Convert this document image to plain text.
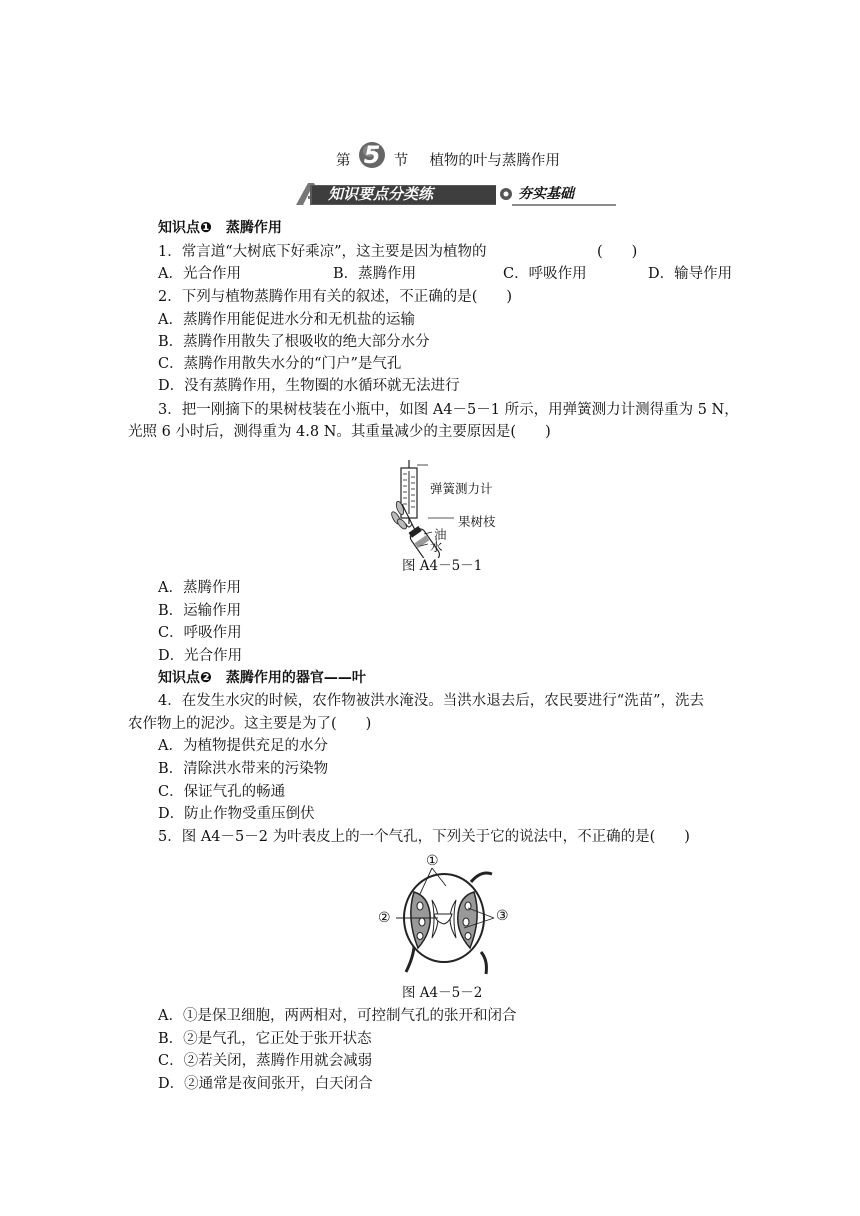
第 5 节 植物的叶与蒸腾作用
知识要点分类练	夯实基础
知识点❶　蒸腾作用
1．常言道“大树底下好乘凉”，这主要是因为植物的	(　　)
A．光合作用	B．蒸腾作用	C．呼吸作用	D．输导作用
2．下列与植物蒸腾作用有关的叙述，不正确的是(　　)
A．蒸腾作用能促进水分和无机盐的运输
B．蒸腾作用散失了根吸收的绝大部分水分
C．蒸腾作用散失水分的“门户”是气孔
D．没有蒸腾作用，生物圈的水循环就无法进行
3．把一刚摘下的果树枝装在小瓶中，如图 A4－5－1 所示，用弹簧测力计测得重为 5 N，
光照 6 小时后，测得重为 4.8 N。其重量减少的主要原因是(　　)
弹簧测力计
果树枝
油
水
图 A4－5－1
A．蒸腾作用
B．运输作用
C．呼吸作用
D．光合作用
知识点❷　蒸腾作用的器官——叶
4．在发生水灾的时候，农作物被洪水淹没。当洪水退去后，农民要进行“洗苗”，洗去
农作物上的泥沙。这主要是为了(　　)
A．为植物提供充足的水分
B．清除洪水带来的污染物
C．保证气孔的畅通
D．防止作物受重压倒伏
5．图 A4－5－2 为叶表皮上的一个气孔，下列关于它的说法中，不正确的是(　　)
①
②	③
图 A4－5－2
A．①是保卫细胞，两两相对，可控制气孔的张开和闭合
B．②是气孔，它正处于张开状态
C．②若关闭，蒸腾作用就会减弱
D．②通常是夜间张开，白天闭合
